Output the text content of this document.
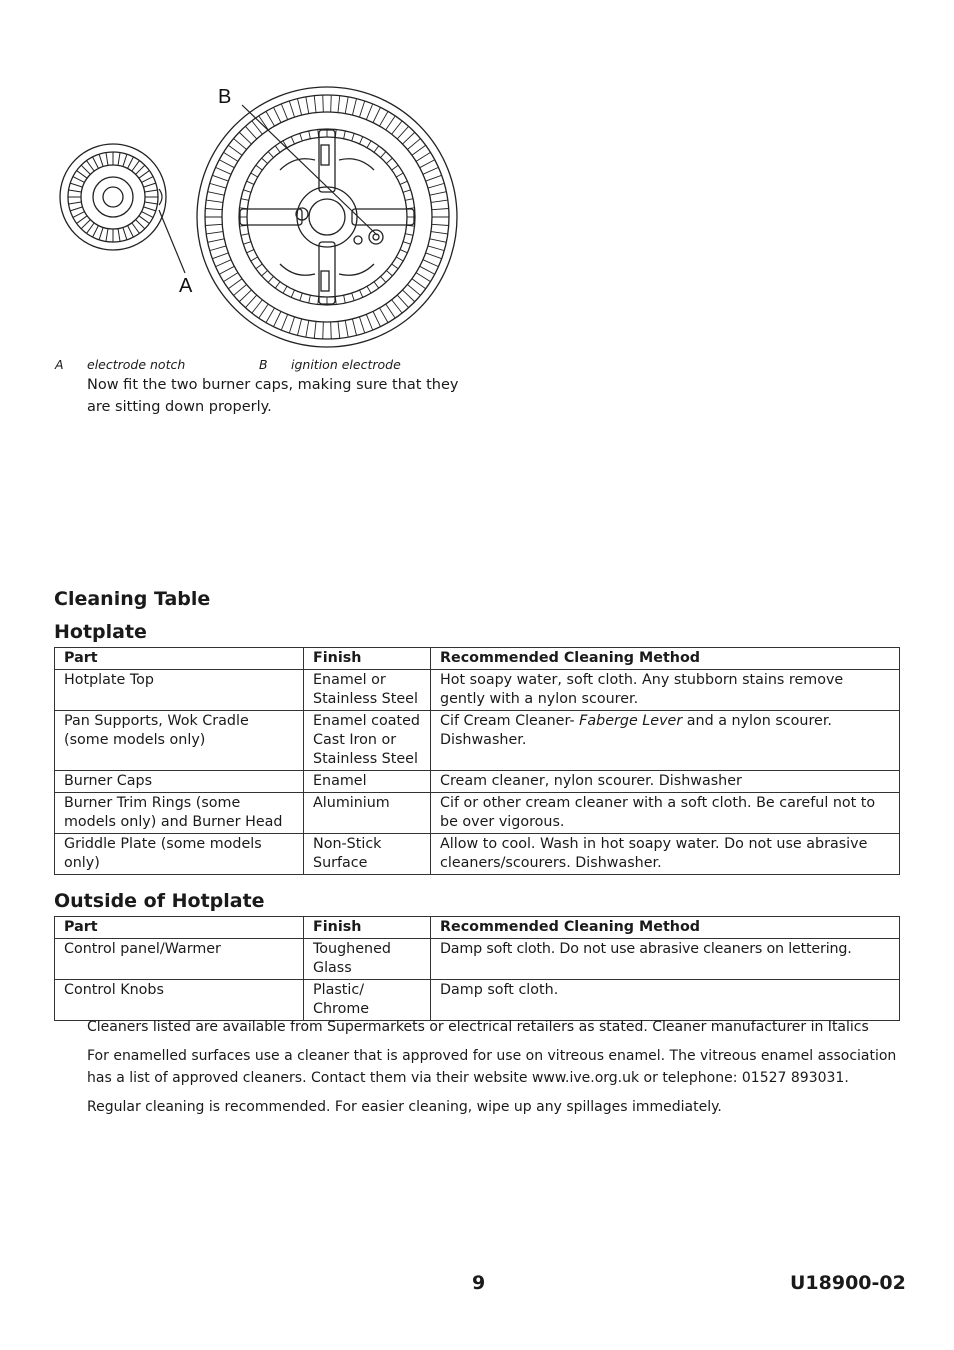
B
A
A electrode notch	B ignition electrode
Now fit the two burner caps, making sure that they
are sitting down properly.
Cleaning Table
Hotplate
Part	Finish	Recommended Cleaning Method
Hotplate Top	Enamel or Stainless Steel	Hot soapy water, soft cloth. Any stubborn stains remove gently with a nylon scourer.
Pan Supports, Wok Cradle (some models only)	Enamel coated Cast Iron or Stainless Steel	Cif Cream Cleaner- Faberge Lever and a nylon scourer. Dishwasher.
Burner Caps	Enamel	Cream cleaner, nylon scourer. Dishwasher
Burner Trim Rings (some models only) and Burner Head	Aluminium	Cif or other cream cleaner with a soft cloth. Be careful not to be over vigorous.
Griddle Plate (some models only)	Non-Stick Surface	Allow to cool. Wash in hot soapy water. Do not use abrasive cleaners/scourers. Dishwasher.
Outside of Hotplate
Part	Finish	Recommended Cleaning Method
Control panel/Warmer	Toughened Glass	Damp soft cloth. Do not use abrasive cleaners on lettering.
Control Knobs	Plastic/ Chrome	Damp soft cloth.
Cleaners listed are available from Supermarkets or electrical retailers as stated. Cleaner manufacturer in Italics
For enamelled surfaces use a cleaner that is approved for use on vitreous enamel. The vitreous enamel association
has a list of approved cleaners. Contact them via their website www.ive.org.uk or telephone: 01527 893031.
Regular cleaning is recommended. For easier cleaning, wipe up any spillages immediately.
9	U18900-02
